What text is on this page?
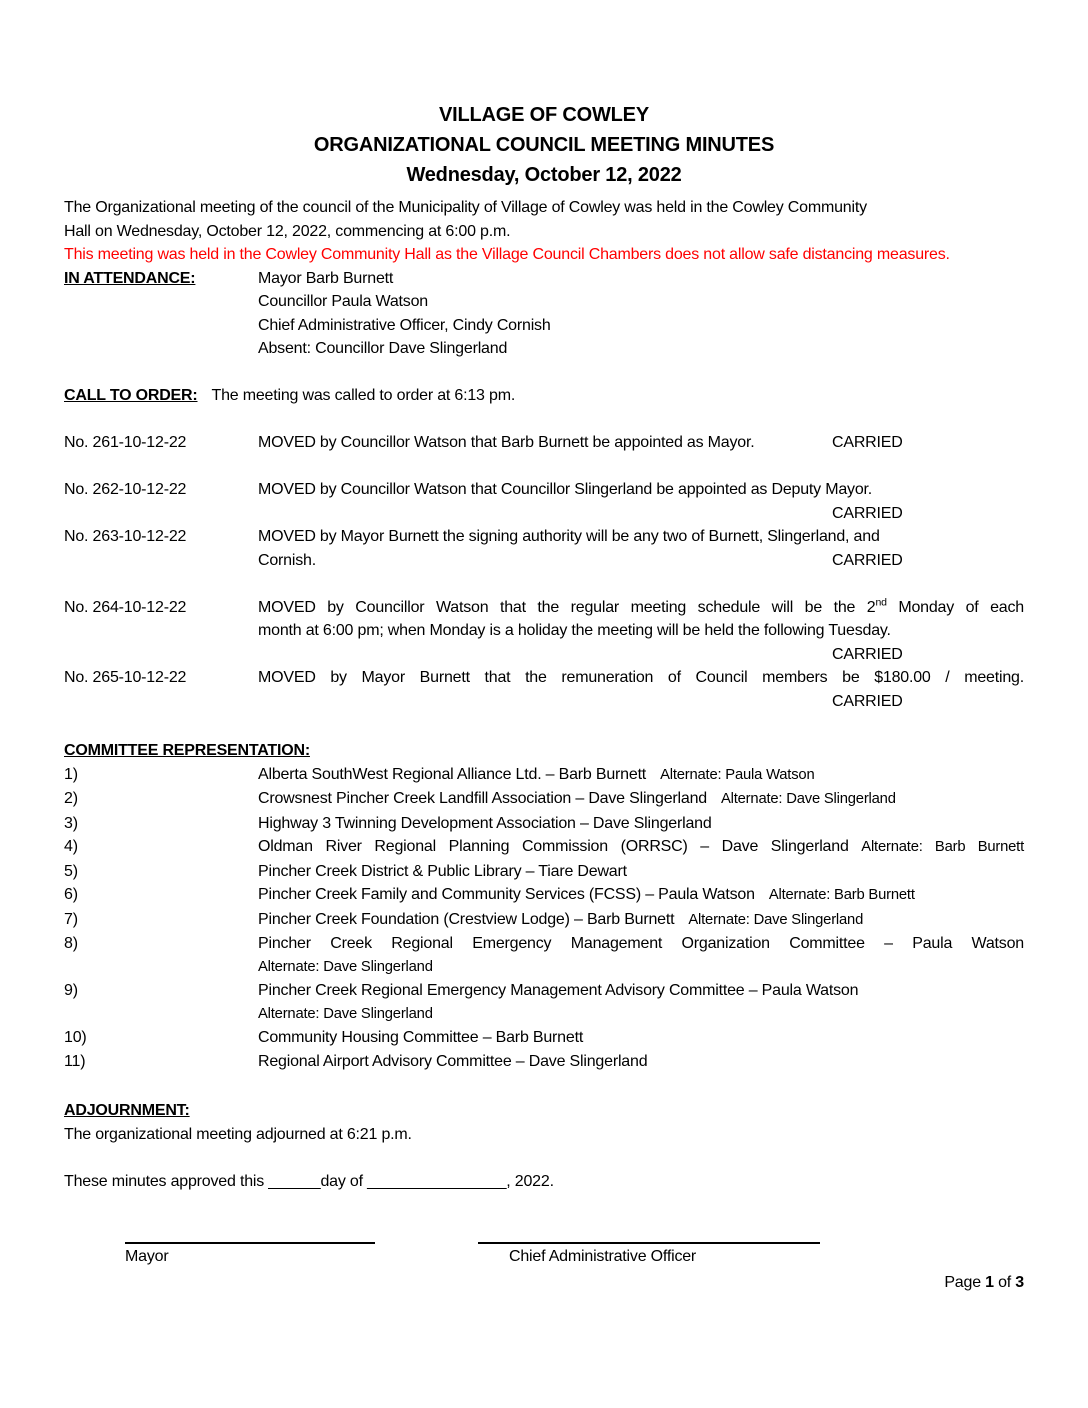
VILLAGE OF COWLEY
ORGANIZATIONAL COUNCIL MEETING MINUTES
Wednesday, October 12, 2022
The Organizational meeting of the council of the Municipality of Village of Cowley was held in the Cowley Community
Hall on Wednesday, October 12, 2022, commencing at 6:00 p.m.
This meeting was held in the Cowley Community Hall as the Village Council Chambers does not allow safe distancing measures.
IN ATTENDANCE:	Mayor Barb Burnett
Councillor Paula Watson
Chief Administrative Officer, Cindy Cornish
Absent: Councillor Dave Slingerland
CALL TO ORDER: The meeting was called to order at 6:13 pm.
No. 261-10-12-22	MOVED by Councillor Watson that Barb Burnett be appointed as Mayor.	CARRIED
No. 262-10-12-22	MOVED by Councillor Watson that Councillor Slingerland be appointed as Deputy Mayor.
CARRIED
No. 263-10-12-22	MOVED by Mayor Burnett the signing authority will be any two of Burnett, Slingerland, and
Cornish.	CARRIED
No. 264-10-12-22	MOVED by Councillor Watson that the regular meeting schedule will be the 2nd Monday of each
month at 6:00 pm; when Monday is a holiday the meeting will be held the following Tuesday.
CARRIED
No. 265-10-12-22	MOVED by Mayor Burnett that the remuneration of Council members be $180.00 / meeting.
CARRIED
COMMITTEE REPRESENTATION:
1)	Alberta SouthWest Regional Alliance Ltd. – Barb Burnett Alternate: Paula Watson
2)	Crowsnest Pincher Creek Landfill Association – Dave Slingerland Alternate: Dave Slingerland
3)	Highway 3 Twinning Development Association – Dave Slingerland
4)	Oldman River Regional Planning Commission (ORRSC) – Dave Slingerland Alternate: Barb Burnett
5)	Pincher Creek District & Public Library – Tiare Dewart
6)	Pincher Creek Family and Community Services (FCSS) – Paula Watson Alternate: Barb Burnett
7)	Pincher Creek Foundation (Crestview Lodge) – Barb Burnett Alternate: Dave Slingerland
8)	Pincher Creek Regional Emergency Management Organization Committee – Paula Watson
Alternate: Dave Slingerland
9)	Pincher Creek Regional Emergency Management Advisory Committee – Paula Watson
Alternate: Dave Slingerland
10)	Community Housing Committee – Barb Burnett
11)	Regional Airport Advisory Committee – Dave Slingerland
ADJOURNMENT:
The organizational meeting adjourned at 6:21 p.m.
These minutes approved this ______day of ________________, 2022.
Mayor	Chief Administrative Officer
Page 1 of 3
